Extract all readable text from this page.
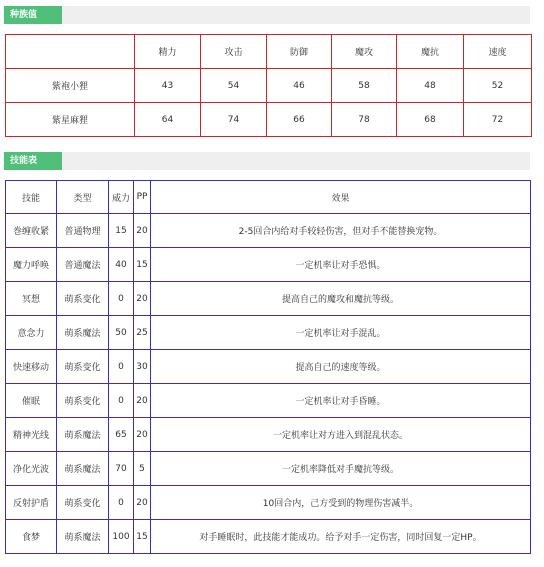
种族值
	精力	攻击	防御	魔攻	魔抗	速度
紫袍小狸	43	54	46	58	48	52
紫星麻狸	64	74	66	78	68	72
技能表
技能	类型	威力	PP	效果
巻缠收紧	普通物理	15	20	2-5回合内给对手较轻伤害，但对手不能替换宠物。
魔力呼唤	普通魔法	40	15	一定机率让对手恐惧。
冥想	萌系变化	0	20	提高自己的魔攻和魔抗等级。
意念力	萌系魔法	50	25	一定机率让对手混乱。
快速移动	萌系变化	0	30	提高自己的速度等级。
催眠	萌系变化	0	20	一定机率让对手昏睡。
精神光线	萌系魔法	65	20	一定机率让对方进入到混乱状态。
净化光波	萌系魔法	70	5	一定机率降低对手魔抗等级。
反射护盾	萌系变化	0	20	10回合内，己方受到的物理伤害减半。
食梦	萌系魔法	100	15	对手睡眠时，此技能才能成功。给予对手一定伤害，同时回复一定HP。
